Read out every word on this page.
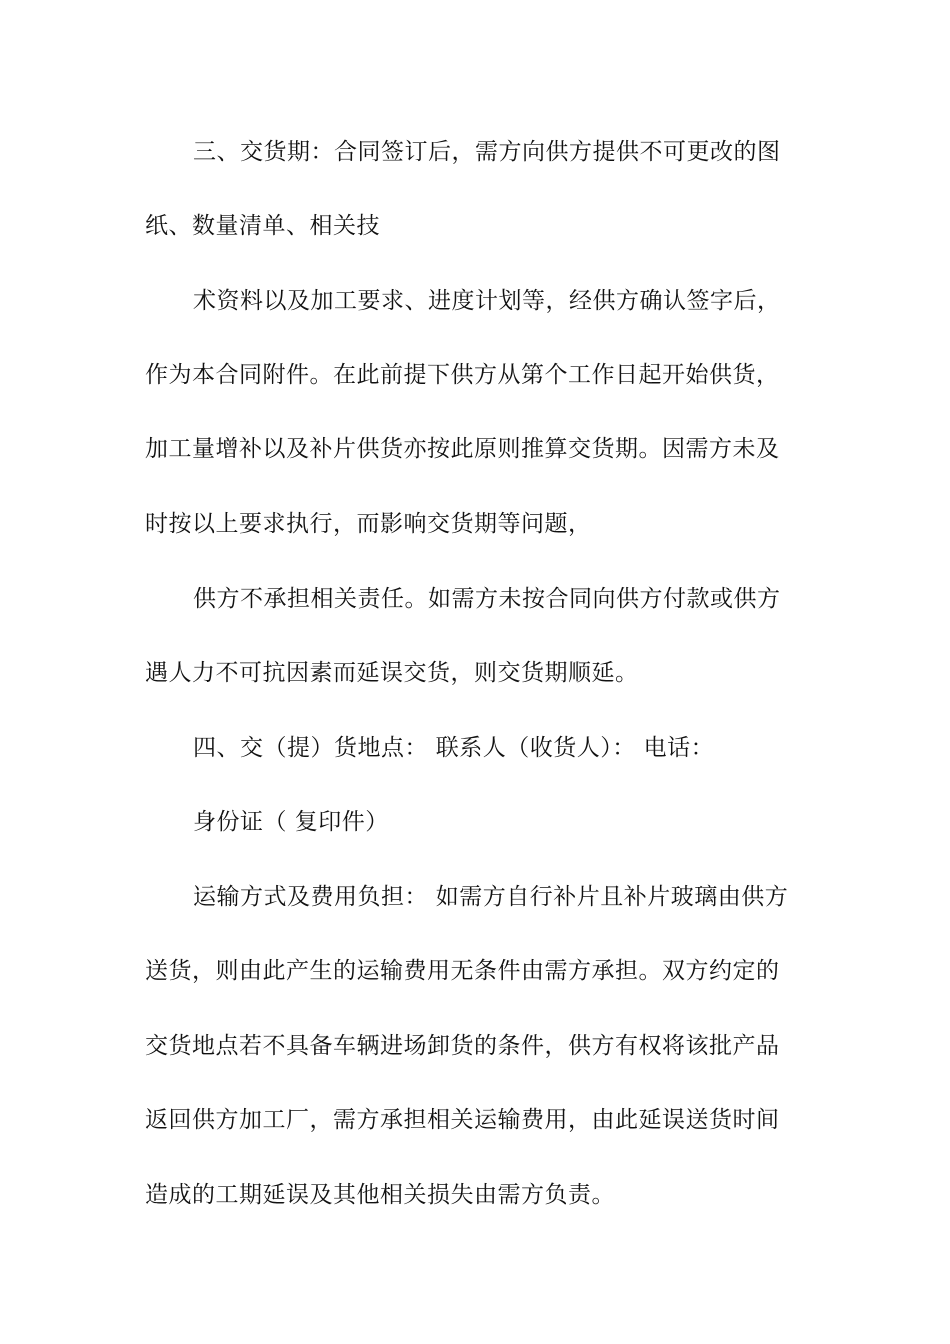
三、交货期：合同签订后，需方向供方提供不可更改的图
纸、数量清单、相关技
术资料以及加工要求、进度计划等，经供方确认签字后，
作为本合同附件。在此前提下供方从第个工作日起开始供货，
加工量增补以及补片供货亦按此原则推算交货期。因需方未及
时按以上要求执行，而影响交货期等问题，
供方不承担相关责任。如需方未按合同向供方付款或供方
遇人力不可抗因素而延误交货，则交货期顺延。
四、交（提）货地点： 联系人（收货人）： 电话：
身份证（ 复印件）
运输方式及费用负担： 如需方自行补片且补片玻璃由供方
送货，则由此产生的运输费用无条件由需方承担。双方约定的
交货地点若不具备车辆进场卸货的条件，供方有权将该批产品
返回供方加工厂，需方承担相关运输费用，由此延误送货时间
造成的工期延误及其他相关损失由需方负责。
